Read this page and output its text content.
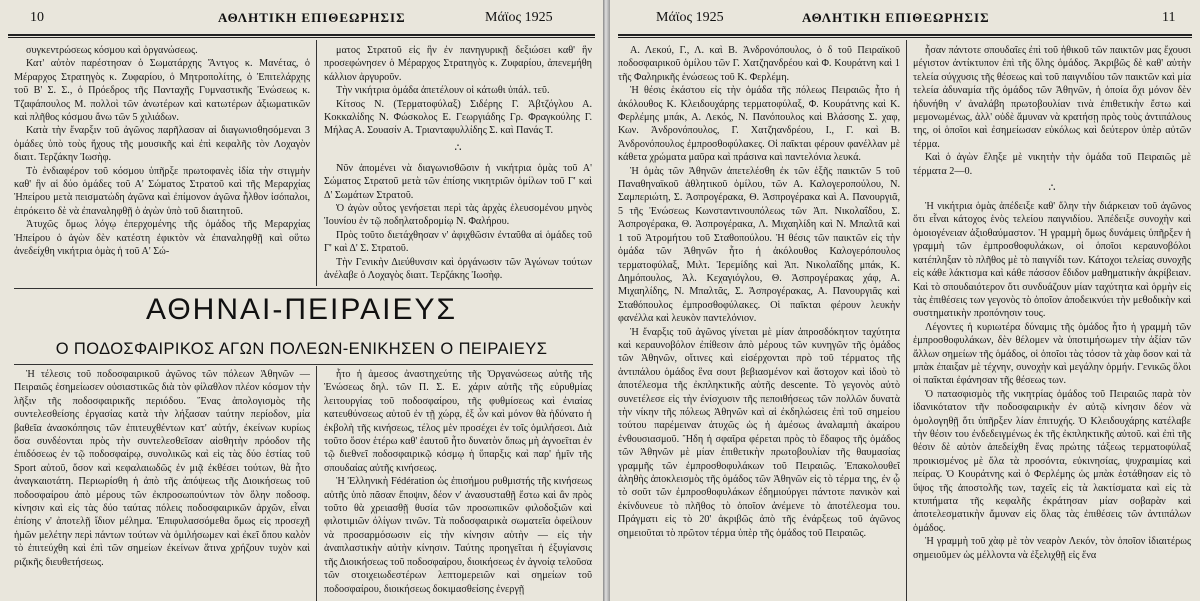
10	ΑΘΛΗΤΙΚΗ ΕΠΙΘΕΩΡΗΣΙΣ	Μάϊος 1925

συγκεντρώσεως κόσμου καὶ ὀργανώσεως.

Κατ' αὐτὸν παρέστησαν ὁ Σωματάρχης Ἄντγος κ. Μανέτας, ὁ Μέραρχος Στρατηγὸς κ. Ζυφαρίου, ὁ Μητροπολίτης, ὁ Ἐπιτελάρχης τοῦ Β' Σ. Σ., ὁ Πρόεδρος τῆς Πανταχῆς Γυμναστικῆς Ἑνώσεως κ. Τζαφάπουλος Μ. πολλοὶ τῶν ἀνωτέρων καὶ κατωτέρων ἀξιωματικῶν καὶ πλῆθος κόσμου ἄνω τῶν 5 χιλιάδων.

Κατὰ τὴν ἔναρξιν τοῦ ἀγῶνος παρῆλασαν αἱ διαγωνισθησόμεναι 3 ὁμάδες ὑπὸ τοὺς ἤχους τῆς μουσικῆς καὶ ἐπὶ κεφαλῆς τὸν Λοχαγὸν διαιτ. Τερζάκην Ἰωσὴφ.

Τὸ ἐνδιαφέρον τοῦ κόσμου ὑπῆρξε πρωτοφανὲς ἰδία τὴν στιγμὴν καθ' ἣν αἱ δύο ὁμάδες τοῦ Α' Σώματος Στρατοῦ καὶ τῆς Μεραρχίας Ἠπείρου μετὰ πεισματώδη ἀγῶνα καὶ ἐπίμονον ἀγῶνα ἦλθον ἰσόπαλοι, ἐπρόκειτο δὲ νὰ ἐπαναληφθῇ ὁ ἀγὼν ὑπὸ τοῦ διαιτητοῦ.

Ἀτυχῶς ὅμως λόγῳ ἐπερχομένης τῆς ὁμάδος τῆς Μεραρχίας Ἠπείρου ὁ ἀγὼν δὲν κατέστη ἐφικτὸν νὰ ἐπαναληφθῇ καὶ οὕτω ἀνεδείχθη νικήτρια ὁμὰς ἡ τοῦ Α' Σώ-

ματος Στρατοῦ εἰς ἣν ἐν πανηγυρικῇ δεξιώσει καθ' ἣν προσεφώνησεν ὁ Μέραρχος Στρατηγὸς κ. Ζυφαρίου, ἀπενεμήθη κάλλιον ἀργυροῦν.

Τὴν νικήτρια ὁμάδα ἀπετέλουν οἱ κάτωθι ὑπάλ. τεῦ.

Κίτσος Ν. (Τερματοφύλαξ) Σιδέρης Γ. Ἀβτζόγλου Α. Κοκκαλίδης Ν. Φώσκολος Ε. Γεωργιάδης Γρ. Φραγκούλης Γ. Μήλας Α. Σουασίν Α. Τριανταφυλλίδης Σ. καὶ Πανάς Τ.

∴

Νῦν ἀπομένει νὰ διαγωνισθῶσιν ἡ νικήτρια ὁμὰς τοῦ Α' Σώματος Στρατοῦ μετὰ τῶν ἐπίσης νικητριῶν ὁμίλων τοῦ Γ' καὶ Δ' Σωμάτων Στρατοῦ.

Ὁ ἀγὼν οὗτος γενήσεται περὶ τὰς ἀρχὰς ἐλευσομένου μηνὸς Ἰουνίου ἐν τῷ ποδηλατοδρομίῳ Ν. Φαλήρου.

Πρὸς τοῦτο διετάχθησαν ν' ἀφιχθῶσιν ἐνταῦθα αἱ ὁμάδες τοῦ Γ' καὶ Δ' Σ. Στρατοῦ.

Τὴν Γενικὴν Διεύθυνσιν καὶ ὀργάνωσιν τῶν Ἀγώνων τούτων ἀνέλαβε ὁ Λοχαγὸς διαιτ. Τερζάκης Ἰωσὴφ.

ΑΘΗΝΑΙ-ΠΕΙΡΑΙΕΥΣ
Ο ΠΟΔΟΣΦΑΙΡΙΚΟΣ ΑΓΩΝ ΠΟΛΕΩΝ-ΕΝΙΚΗΣΕΝ Ο ΠΕΙΡΑΙΕΥΣ

Ἡ τέλεσις τοῦ ποδοσφαιρικοῦ ἀγῶνος τῶν πόλεων Ἀθηνῶν — Πειραιῶς ἐσημείωσεν οὐσιαστικῶς διὰ τὸν φίλαθλον πλέον κόσμον τὴν λῆξιν τῆς ποδοσφαιρικῆς περιόδου. Ἕνας ἀπολογισμὸς τῆς συντελεσθείσης ἐργασίας κατὰ τὴν λήξασαν ταύτην περίοδον, μία βαθεῖα ἀνασκόπησις τῶν ἐπιτευχθέντων κατ' αὐτήν, ἐκείνων κυρίως ὅσα συνδέονται πρὸς τὴν συντελεσθεῖσαν αἰσθητὴν πρόοδον τῆς ἐπιδόσεως ἐν τῷ ποδοσφαίρῳ, συνολικῶς καὶ εἰς τὰς δύο ἑστίας τοῦ Sport αὐτοῦ, ὅσον καὶ κεφαλαιωδῶς ἐν μιᾷ ἐκθέσει τούτων, θὰ ἦτο ἀναγκαιοτάτη. Περιωρίσθη ἡ ἀπὸ τῆς ἀπόψεως τῆς Διοικήσεως τοῦ ποδοσφαίρου ἀπὸ μέρους τῶν ἐκπροσωπούντων τὸν ὅλην ποδοσφ. κίνησιν καὶ εἰς τὰς δύο ταύτας πόλεις ποδοσφαιρικῶν ἀρχῶν, εἶναι ἐπίσης ν' ἀποτελῇ ἴδιον μέλημα. Ἐπιφυλασσόμεθα ὅμως εἰς προσεχῆ ἡμῶν μελέτην περὶ πάντων τούτων νὰ ὁμιλήσωμεν καὶ ἐκεῖ ὅπου καλὸν τὸ ἐπιτεύχθη καὶ ἐπὶ τῶν σημείων ἐκείνων ἅτινα χρήζουν τυχὸν καὶ ριζικῆς διευθετήσεως.

ἦτο ἡ ἀμεσος ἀναστηχεύτης τῆς Ὀργανώσεως αὐτῆς τῆς Ἑνώσεως δηλ. τῶν Π. Σ. Ε. χάριν αὐτῆς τῆς εὐρυθμίας λειτουργίας τοῦ ποδοσφαίρου, τῆς φυθμίσεως καὶ ἐνιαίας κατευθύνσεως αὐτοῦ ἐν τῇ χώρᾳ, ἐξ ὧν καὶ μόνον θὰ ἠδύνατο ἡ ἐκβολὴ τῆς κινήσεως, τέλος μὲν προσέχει ἐν τοῖς ὁμιλήσεσι. Διὰ τοῦτο ὅσον ἑτέρω καθ' ἑαυτοῦ ἦτο δυνατὸν ὅπως μὴ ἀγνοεῖται ἐν τῷ διεθνεῖ ποδοσφαιρικῷ κόσμῳ ἡ ὕπαρξις καὶ παρ' ἡμῖν τῆς σπουδαίας αὐτῆς κινήσεως.

Ἡ Ἑλληνικὴ Fédération ὡς ἐπισήμου ρυθμιστής τῆς κινήσεως αὐτῆς ὑπὸ πᾶσαν ἔποψιν, δέον ν' ἀνασυσταθῇ ἔστω καὶ ἂν πρὸς τοῦτο θὰ χρειασθῇ θυσία τῶν προσωπικῶν φιλοδοξιῶν καὶ φιλοτιμιῶν ὀλίγων τινῶν. Τὰ ποδοσφαιρικὰ σωματεῖα ὀφείλουν νὰ προσαρμόσωσιν εἰς τὴν κίνησιν αὐτὴν — εἰς τὴν ἀναπλαστικὴν αὐτὴν κίνησιν. Ταύτης προηγεῖται ἡ ἐξυγίανσις τῆς Διοικήσεως τοῦ ποδοσφαίρου, διοικήσεως ἐν ἀγνοίᾳ τελοῦσα τῶν στοιχειωδεστέρων λεπτομερειῶν καὶ σημείων τοῦ ποδοσφαίρου, διοικήσεως δοκιμασθείσης ἐνεργῇ

Μάϊος 1925	ΑΘΛΗΤΙΚΗ ΕΠΙΘΕΩΡΗΣΙΣ	11

Α. Λεκού, Γ., Λ. καὶ Β. Ἀνδρονόπουλος, ὁ δ τοῦ Πειραϊκοῦ ποδοσφαιρικοῦ ὁμίλου τῶν Γ. Χατζηανδρέου καὶ Φ. Κουράτνη καὶ 1 τῆς Φαληρικῆς ἑνώσεως τοῦ Κ. Φερλέμη.

Ἡ θέσις ἑκάστου εἰς τὴν ὁμάδα τῆς πόλεως Πειραιῶς ἦτο ἡ ἀκόλουθος Κ. Κλειδουχάρης τερματοφύλαξ, Φ. Κουράτνης καὶ Κ. Φερλέμης μπάκ, Α. Λεκός, Ν. Πανόπουλος καὶ Βλάσσης Σ. χαφ, Κων. Ἀνδρονόπουλος, Γ. Χατζηανδρέου, Ι., Γ. καὶ Β. Ἀνδρονόπουλος ἐμπροσθοφύλακες. Οἱ παῖκται φέρουν φανέλλαν μὲ κάθετα χρώματα μαῦρα καὶ πράσινα καὶ παντελόνια λευκά.

Ἡ ὁμὰς τῶν Ἀθηνῶν ἀπετελέσθη ἐκ τῶν ἑξῆς παικτῶν 5 τοῦ Παναθηναϊκοῦ ἀθλητικοῦ ὁμίλου, τῶν Α. Καλογεροπούλου, Ν. Σαμπεριώτη, Σ. Ἀσπρογέρακα, Θ. Ἀσπρογέρακα καὶ Α. Πανουργιᾶ, 5 τῆς Ἑνώσεως Κωνσταντινουπόλεως τῶν Ἀπ. Νικολαΐδου, Σ. Ἀσπρογέρακα, Θ. Ἀσπρογέρακα, Λ. Μιχαηλίδη καὶ Ν. Μπαλτᾶ καὶ 1 τοῦ Ἀτρομήτου τοῦ Σταθοπούλου. Ἡ θέσις τῶν παικτῶν εἰς τὴν ὁμάδα τῶν Ἀθηνῶν ἦτο ἡ ἀκόλουθος Καλογερόπουλος τερματοφύλαξ, Μιλτ. Ἱερεμίδης καὶ Ἀπ. Νικολαΐδης μπάκ, Κ. Δημόπουλος, Ἀλ. Κεχαγιόγλου, Θ. Ἀσπρογέρακας χάφ, Α. Μιχαηλίδης, Ν. Μπαλτᾶς, Σ. Ἀσπρογέρακας, Α. Πανουργιᾶς καὶ Σταθόπουλος ἐμπροσθοφύλακες. Οἱ παῖκται φέρουν λευκὴν φανέλλα καὶ λευκὸν παντελόνιον.

Ἡ ἔναρξις τοῦ ἀγῶνος γίνεται μὲ μίαν ἀπροσδόκητον ταχύτητα καὶ κεραυνοβόλον ἐπίθεσιν ἀπὸ μέρους τῶν κυνηγῶν τῆς ὁμάδος τῶν Ἀθηνῶν, οἵτινες καὶ εἰσέρχονται πρὸ τοῦ τέρματος τῆς ἀντιπάλου ὁμάδος ἓνα σουτ βεβιασμένον καὶ ἄστοχον καὶ ἰδοὺ τὸ ἀποτέλεσμα τῆς ἐκπληκτικῆς αὐτῆς descente. Τὸ γεγονὸς αὐτὸ συνετέλεσε εἰς τὴν ἐνίσχυσιν τῆς πεποιθήσεως τῶν πολλῶν δυνατὰ τὴν νίκην τῆς πόλεως Ἀθηνῶν καὶ αἱ ἐκδηλώσεις ἐπὶ τοῦ σημείου τούτου παρέμειναν ἀτυχῶς ὡς ἡ ἀμέσως ἀναλαμπὴ ἀκαίρου ἐνθουσιασμοῦ. Ἤδη ἡ σφαῖρα φέρεται πρὸς τὸ ἔδαφος τῆς ὁμάδος τῶν Ἀθηνῶν μὲ μίαν ἐπιθετικὴν πρωτοβουλίαν τῆς θαυμασίας γραμμῆς τῶν ἐμπροσθοφυλάκων τοῦ Πειραιῶς. Ἐπακολουθεῖ ἀληθὴς ἀποκλεισμὸς τῆς ὁμάδος τῶν Ἀθηνῶν εἰς τὸ τέρμα της, ἐν ᾧ τὸ σοῦτ τῶν ἐμπροσθοφυλάκων ἐδημιούργει πάντοτε πανικὸν καὶ ἐκίνδυνευε τὸ πλῆθος τὸ ὁποῖον ἀνέμενε τὸ ἀποτέλεσμα του. Πράγματι εἰς τὸ 20' ἀκριβῶς ἀπὸ τῆς ἐνάρξεως τοῦ ἀγῶνος σημειοῦται τὸ πρῶτον τέρμα ὑπὲρ τῆς ὁμάδος τοῦ Πειραιῶς.

ἦσαν πάντοτε σπουδαῖες ἐπὶ τοῦ ἠθικοῦ τῶν παικτῶν μας ἔχουσι μέγιστον ἀντίκτυπον ἐπὶ τῆς ὅλης ὁμάδος. Ἀκριβῶς δὲ καθ' αὐτὴν τελεία σύγχυσις τῆς θέσεως καὶ τοῦ παιγνιδίου τῶν παικτῶν καὶ μία τελεία ἀδυναμία τῆς ὁμάδος τῶν Ἀθηνῶν, ἡ ὁποία ὅχι μόνον δὲν ἠδυνήθη ν' ἀναλάβη πρωτοβουλίαν τινὰ ἐπιθετικὴν ἔστω καὶ μεμονωμένως, ἀλλ' οὐδὲ ἄμυναν νὰ κρατήσῃ πρὸς τοὺς ἀντιπάλους της, οἱ ὁποῖοι καὶ ἐσημείωσαν εὐκόλως καὶ δεύτερον ὑπὲρ αὐτῶν τέρμα.

Καὶ ὁ ἀγὼν ἔληξε μὲ νικητὴν τὴν ὁμάδα τοῦ Πειραιῶς μὲ τέρματα 2—0.

∴

Ἡ νικήτρια ὁμὰς ἀπέδειξε καθ' ὅλην τὴν διάρκειαν τοῦ ἀγῶνος ὅτι εἶναι κάτοχος ἑνὸς τελείου παιγνιδίου. Ἀπέδειξε συνοχὴν καὶ ὁμοιογένειαν ἀξιοθαύμαστον. Ἡ γραμμὴ ὅμως δυνάμεις ὑπῆρξεν ἡ γραμμὴ τῶν ἐμπροσθοφυλάκων, οἱ ὁποῖοι κεραυνοβόλοι κατέπληξαν τὸ πλῆθος μὲ τὸ παιγνίδι των. Κάτοχοι τελείας συνοχῆς εἰς κάθε λάκτισμα καὶ κάθε πάσσον ἔδιδον μαθηματικὴν ἀκρίβειαν. Καὶ τὸ σπουδαιότερον ὅτι συνδυάζουν μίαν ταχύτητα καὶ ὁρμὴν εἰς τὰς ἐπιθέσεις των γεγονὸς τὸ ὁποῖον ἀποδεικνύει τὴν μεθοδικὴν καὶ συστηματικὴν προπόνησιν τους.

Λέγοντες ἡ κυριωτέρα δύναμις τῆς ὁμάδος ἦτο ἡ γραμμὴ τῶν ἐμπροσθοφυλάκων, δὲν θέλομεν νὰ ὑποτιμήσωμεν τὴν ἀξίαν τῶν ἄλλων σημείων τῆς ὁμάδος, οἱ ὁποῖοι τὰς τόσον τὰ χὰφ ὅσον καὶ τὰ μπὰκ ἐπαιξαν μὲ τέχνην, συνοχὴν καὶ μεγάλην ὁρμήν. Γενικῶς ὅλοι οἱ παῖκται ἐφάνησαν τῆς θέσεως των.

Ὁ πατασφισμὸς τῆς νικητρίας ὁμάδος τοῦ Πειραιῶς παρὰ τὸν ἰδανικότατον τῆν ποδοσφαιρικὴν ἐν αὐτῷ κίνησιν δέον νὰ ὁμολογηθῇ ὅτι ὑπῆρξεν λίαν ἐπιτυχής. Ὁ Κλειδουχάρης κατέλαβε τὴν θέσιν του ἐνδεδειγμένως ἐκ τῆς ἐκπληκτικῆς αὐτοῦ. καὶ ἐπὶ τῆς θέσιν δὲ αὐτὸν ἀπεδείχθη ἕνας πρώτης τάξεως τερματοφύλαξ προικισμένος μὲ ὅλα τὰ προσόντα, εὐκινησίας, ψυχραιμίας καὶ πείρας. Ὁ Κουράτνης καὶ ὁ Φερλέμης ὡς μπὰκ ἐστάθησαν εἰς τὸ ὕψος τῆς ἀποστολῆς των, ταχεῖς εἰς τὰ λακτίσματα καὶ εἰς τὰ κτυπήματα τῆς κεφαλῆς ἐκράτησαν μίαν σοβαρὰν καὶ ἀποτελεσματικὴν ἄμυναν εἰς ὅλας τὰς ἐπιθέσεις τῶν ἀντιπάλων ὁμάδος.

Ἡ γραμμὴ τοῦ χὰφ μὲ τὸν νεαρὸν Λεκόν, τὸν ὁποῖον ἰδιαιτέρως σημειοῦμεν ὡς μέλλοντα νὰ ἐξελιχθῇ εἰς ἕνα
